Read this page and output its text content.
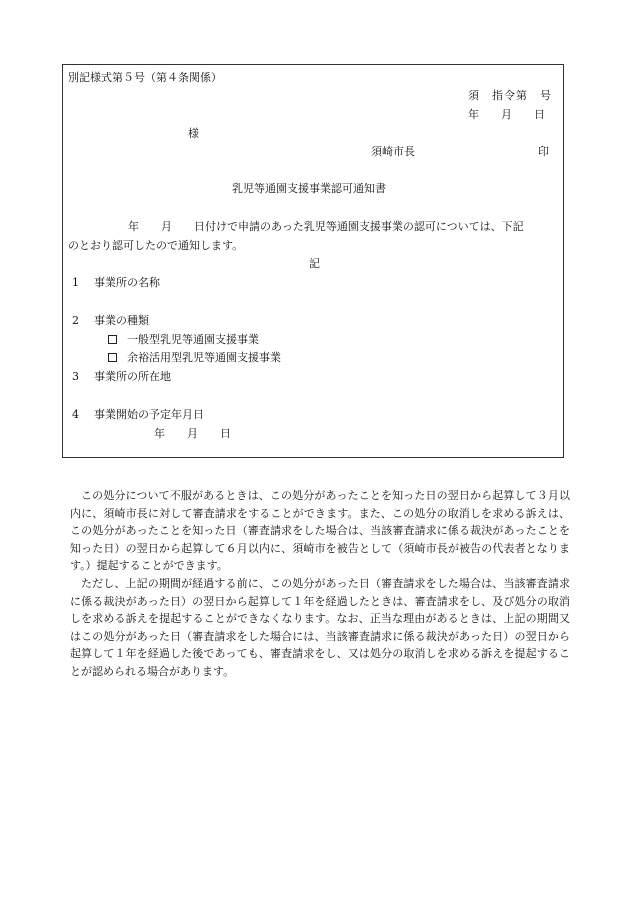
別記様式第５号（第４条関係）
須　指令第　号
年　　月　　日
様
須崎市長	印
乳児等通園支援事業認可通知書
年　　月　　日付けで申請のあった乳児等通園支援事業の認可については、下記
のとおり認可したので通知します。
記
1 事業所の名称
2 事業の種類
一般型乳児等通園支援事業
余裕活用型乳児等通園支援事業
3 事業所の所在地
4 事業開始の予定年月日
年　　月　　日

この処分について不服があるときは、この処分があったことを知った日の翌日から起算して３月以内に、須崎市長に対して審査請求をすることができます。また、この処分の取消しを求める訴えは、この処分があったことを知った日（審査請求をした場合は、当該審査請求に係る裁決があったことを知った日）の翌日から起算して６月以内に、須崎市を被告として（須崎市長が被告の代表者となります。）提起することができます。

ただし、上記の期間が経過する前に、この処分があった日（審査請求をした場合は、当該審査請求に係る裁決があった日）の翌日から起算して１年を経過したときは、審査請求をし、及び処分の取消しを求める訴えを提起することができなくなります。なお、正当な理由があるときは、上記の期間又はこの処分があった日（審査請求をした場合には、当該審査請求に係る裁決があった日）の翌日から起算して１年を経過した後であっても、審査請求をし、又は処分の取消しを求める訴えを提起することが認められる場合があります。
